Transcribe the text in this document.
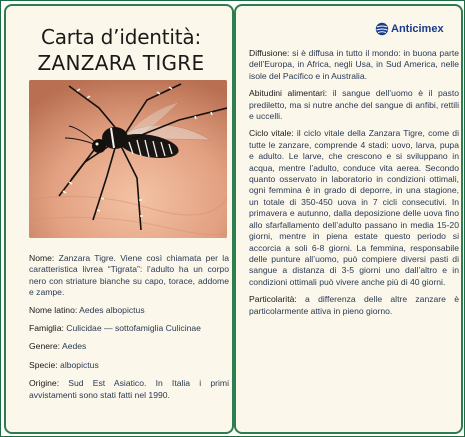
Carta d’identità:
ZANZARA TIGRE

Nome: Zanzara Tigre. Viene così chiamata per la caratteristica livrea “Tigrata”: l’adulto ha un corpo nero con striature bianche su capo, torace, addome e zampe.

Nome latino: Aedes albopictus

Famiglia: Culicidae — sottofamiglia Culicinae

Genere: Aedes

Specie: albopictus

Origine: Sud Est Asiatico. In Italia i primi avvistamenti sono stati fatti nel 1990.

Anticimex

Diffusione: si è diffusa in tutto il mondo: in buona parte dell’Europa, in Africa, negli Usa, in Sud America, nelle isole del Pacifico e in Australia.

Abitudini alimentari: il sangue dell’uomo è il pasto prediletto, ma si nutre anche del sangue di anfibi, rettili e uccelli.

Ciclo vitale: il ciclo vitale della Zanzara Tigre, come di tutte le zanzare, comprende 4 stadi: uovo, larva, pupa e adulto. Le larve, che crescono e si sviluppano in acqua, mentre l’adulto, conduce vita aerea. Secondo quanto osservato in laboratorio in condizioni ottimali, ogni femmina è in grado di deporre, in una stagione, un totale di 350-450 uova in 7 cicli consecutivi. In primavera e autunno, dalla deposizione delle uova fino allo sfarfallamento dell’adulto passano in media 15-20 giorni, mentre in piena estate questo periodo si accorcia a soli 6-8 giorni. La femmina, responsabile delle punture all’uomo, può compiere diversi pasti di sangue a distanza di 3-5 giorni uno dall’altro e in condizioni ottimali può vivere anche più di 40 giorni.

Particolarità: a differenza delle altre zanzare è particolarmente attiva in pieno giorno.
